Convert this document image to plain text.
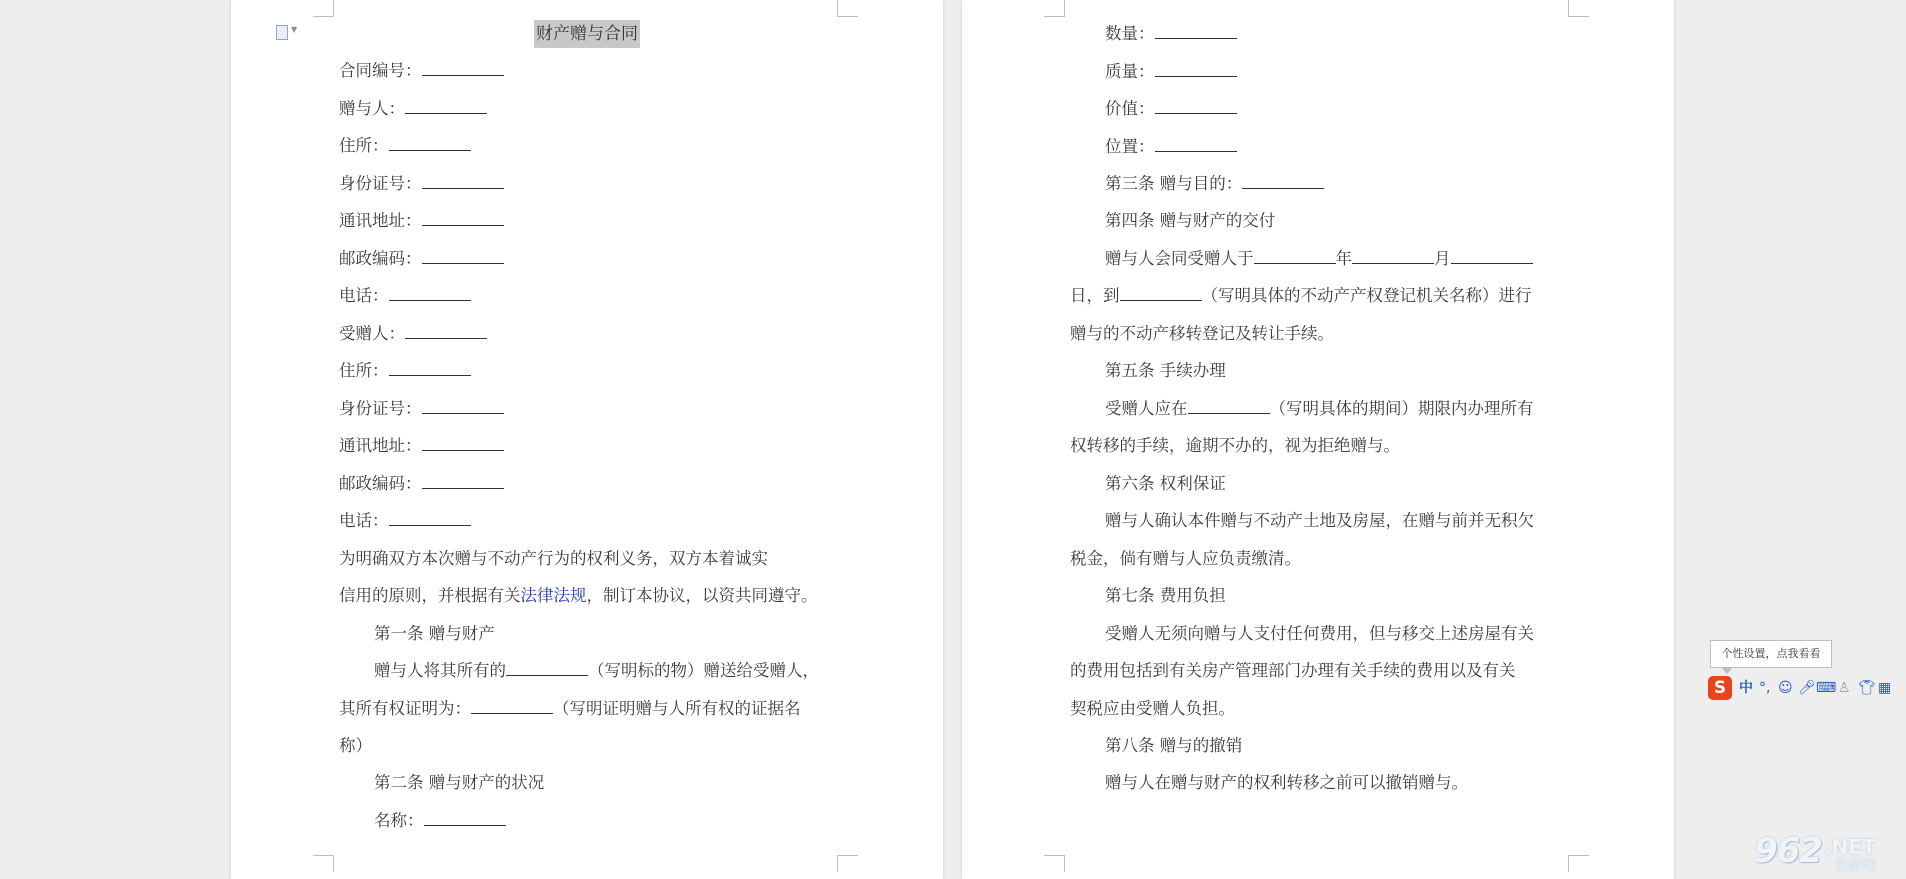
▼	财产赠与合同
合同编号：
赠与人：
住所：
身份证号：
通讯地址：
邮政编码：
电话：
受赠人：
住所：
身份证号：
通讯地址：
邮政编码：
电话：
为明确双方本次赠与不动产行为的权利义务，双方本着诚实
信用的原则，并根据有关法律法规，制订本协议，以资共同遵守。
第一条 赠与财产
赠与人将其所有的	（写明标的物）赠送给受赠人，
其所有权证明为：	（写明证明赠与人所有权的证据名
称）
第二条 赠与财产的状况
名称：
数量：
质量：
价值：
位置：
第三条 赠与目的：
第四条 赠与财产的交付
赠与人会同受赠人于	年	月
日，到	（写明具体的不动产产权登记机关名称）进行
赠与的不动产移转登记及转让手续。
第五条 手续办理
受赠人应在	（写明具体的期间）期限内办理所有
权转移的手续，逾期不办的，视为拒绝赠与。
第六条 权利保证
赠与人确认本件赠与不动产土地及房屋，在赠与前并无积欠
税金，倘有赠与人应负责缴清。
第七条 费用负担
受赠人无须向赠与人支付任何费用，但与移交上述房屋有关
的费用包括到有关房产管理部门办理有关手续的费用以及有关
契税应由受赠人负担。
第八条 赠与的撤销
赠与人在赠与财产的权利转移之前可以撤销赠与。
个性设置，点我看看
S 中 °, ☺ 🎤︎ ⌨ ♙ 👕︎ ▦
962 .NET
乐游网
